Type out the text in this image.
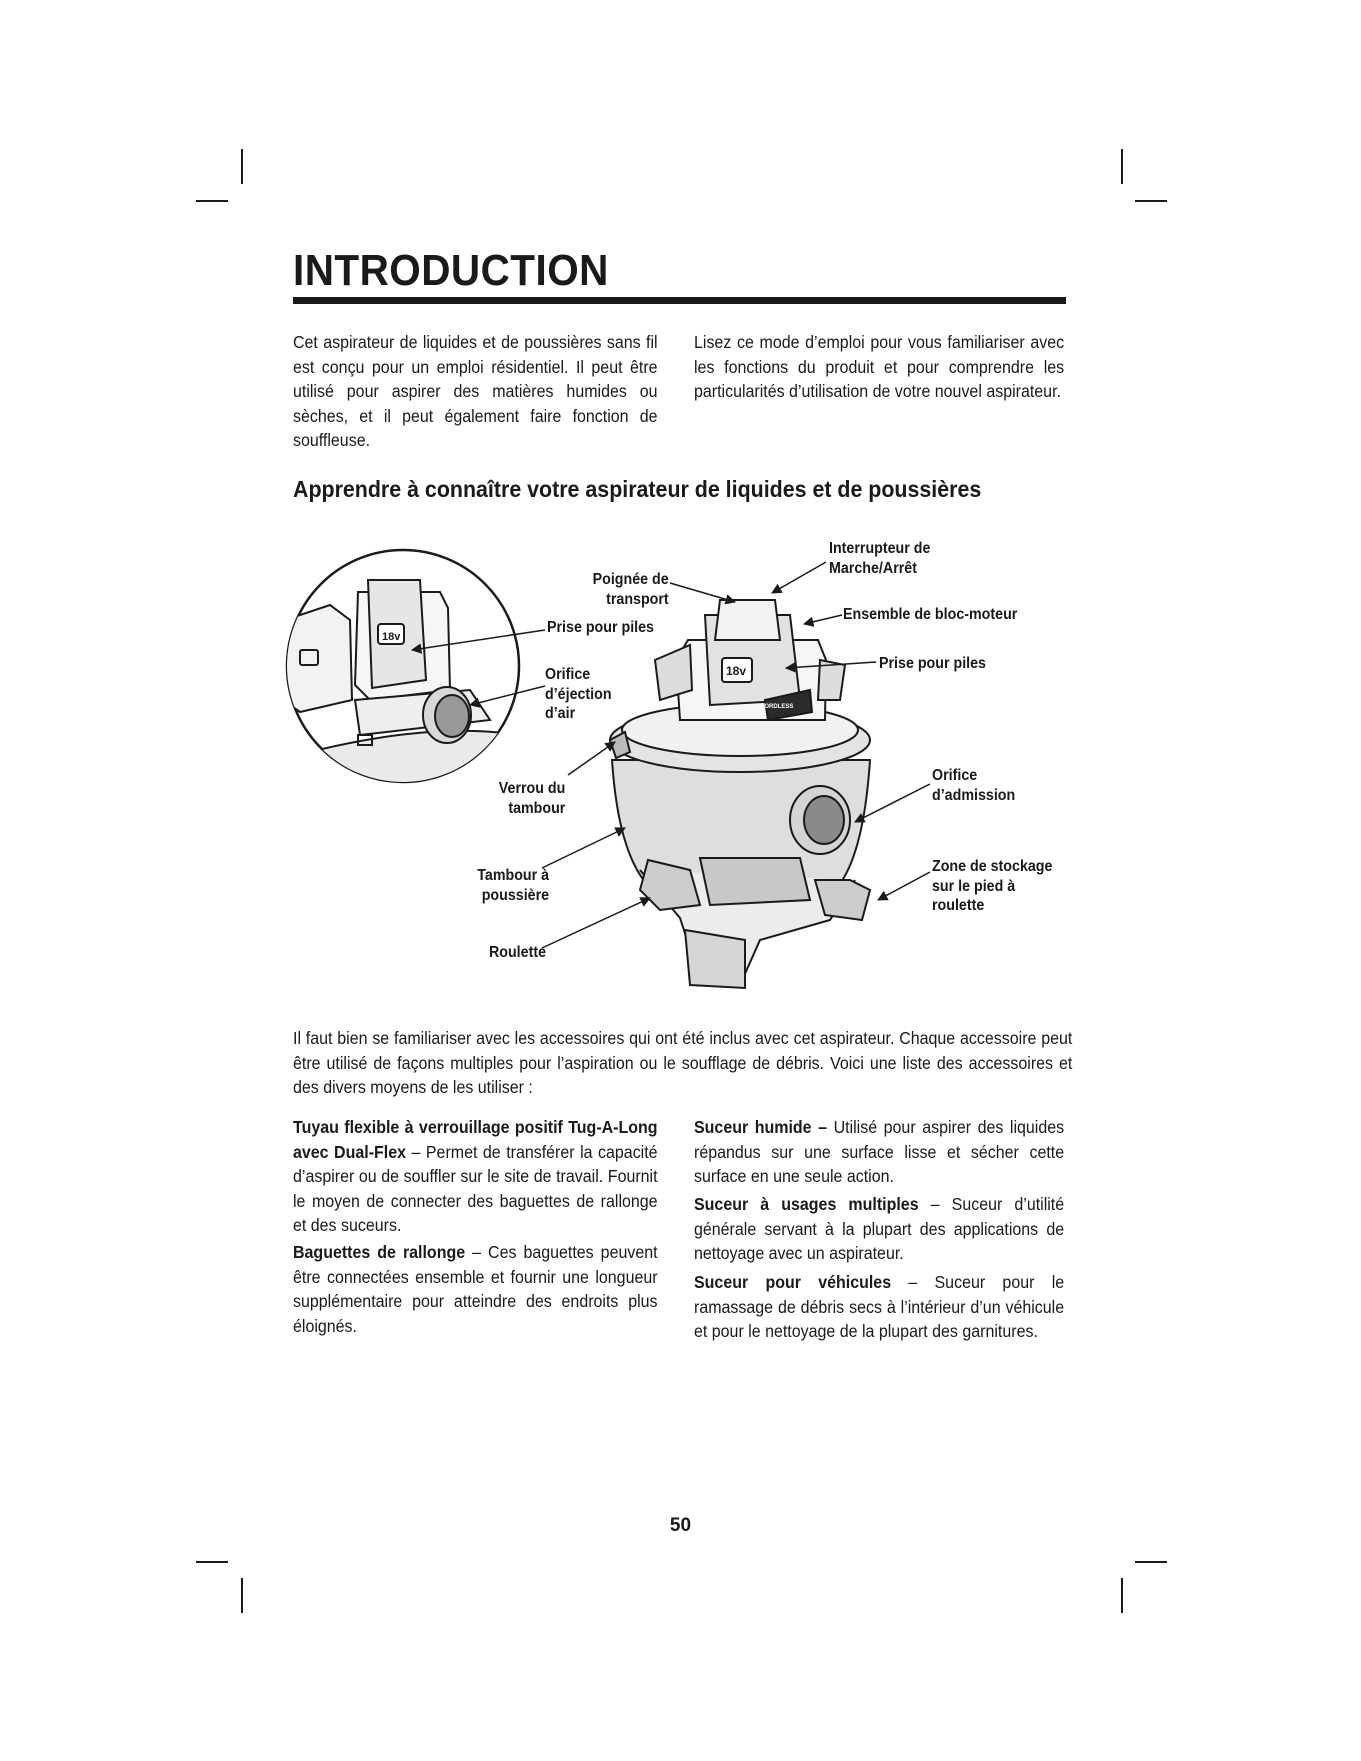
INTRODUCTION

Cet aspirateur de liquides et de poussières sans fil est conçu pour un emploi résidentiel. Il peut être utilisé pour aspirer des matières humides ou sèches, et il peut également faire fonction de souffleuse.

Lisez ce mode d’emploi pour vous familiariser avec les fonctions du produit et pour comprendre les particularités d’utilisation de votre nouvel aspirateur.

Apprendre à connaître votre aspirateur de liquides et de poussières
18v
CORDLESS
18v
Poignée de
transport
Prise pour piles
Orifice
d’éjection
d’air
Verrou du
tambour
Tambour à
poussière
Roulette
Interrupteur de
Marche/Arrêt
Ensemble de bloc-moteur
Prise pour piles
Orifice
d’admission
Zone de stockage
sur le pied à
roulette

Il faut bien se familiariser avec les accessoires qui ont été inclus avec cet aspirateur. Chaque accessoire peut être utilisé de façons multiples pour l’aspiration ou le soufflage de débris. Voici une liste des accessoires et des divers moyens de les utiliser :

Tuyau flexible à verrouillage positif Tug-A-Long avec Dual-Flex – Permet de transférer la capacité d’aspirer ou de souffler sur le site de travail. Fournit le moyen de connecter des baguettes de rallonge et des suceurs.

Baguettes de rallonge – Ces baguettes peuvent être connectées ensemble et fournir une longueur supplémentaire pour atteindre des endroits plus éloignés.

Suceur humide – Utilisé pour aspirer des liquides répandus sur une surface lisse et sécher cette surface en une seule action.

Suceur à usages multiples – Suceur d’utilité générale servant à la plupart des applications de nettoyage avec un aspirateur.

Suceur pour véhicules – Suceur pour le ramassage de débris secs à l’intérieur d’un véhicule et pour le nettoyage de la plupart des garnitures.

50
